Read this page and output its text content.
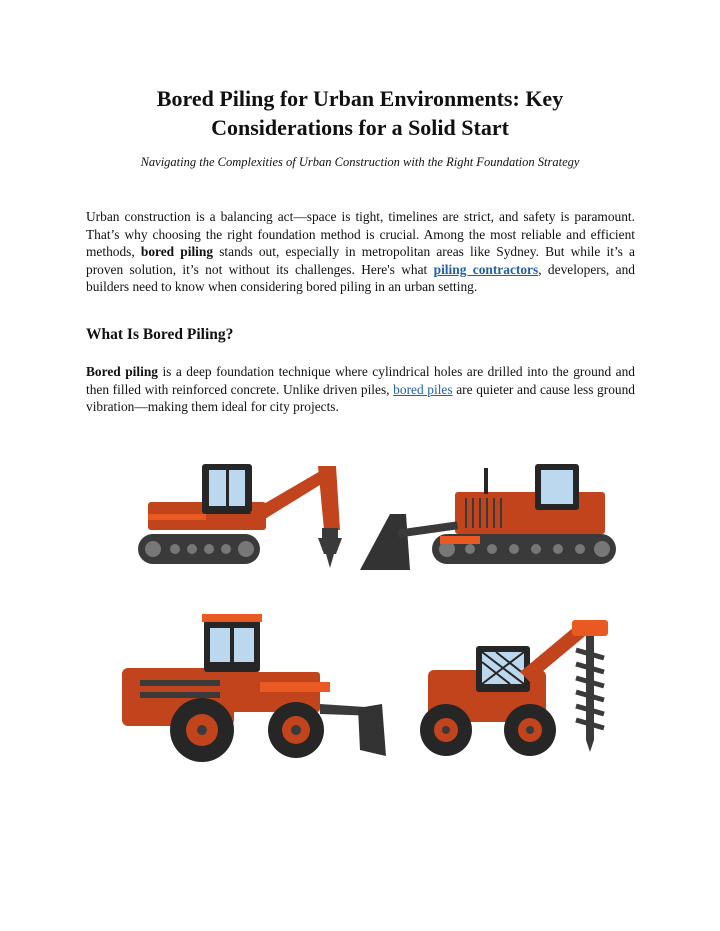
Bored Piling for Urban Environments: Key Considerations for a Solid Start

Navigating the Complexities of Urban Construction with the Right Foundation Strategy

Urban construction is a balancing act—space is tight, timelines are strict, and safety is paramount. That’s why choosing the right foundation method is crucial. Among the most reliable and efficient methods, bored piling stands out, especially in metropolitan areas like Sydney. But while it’s a proven solution, it’s not without its challenges. Here's what piling contractors, developers, and builders need to know when considering bored piling in an urban setting.

What Is Bored Piling?

Bored piling is a deep foundation technique where cylindrical holes are drilled into the ground and then filled with reinforced concrete. Unlike driven piles, bored piles are quieter and cause less ground vibration—making them ideal for city projects.
